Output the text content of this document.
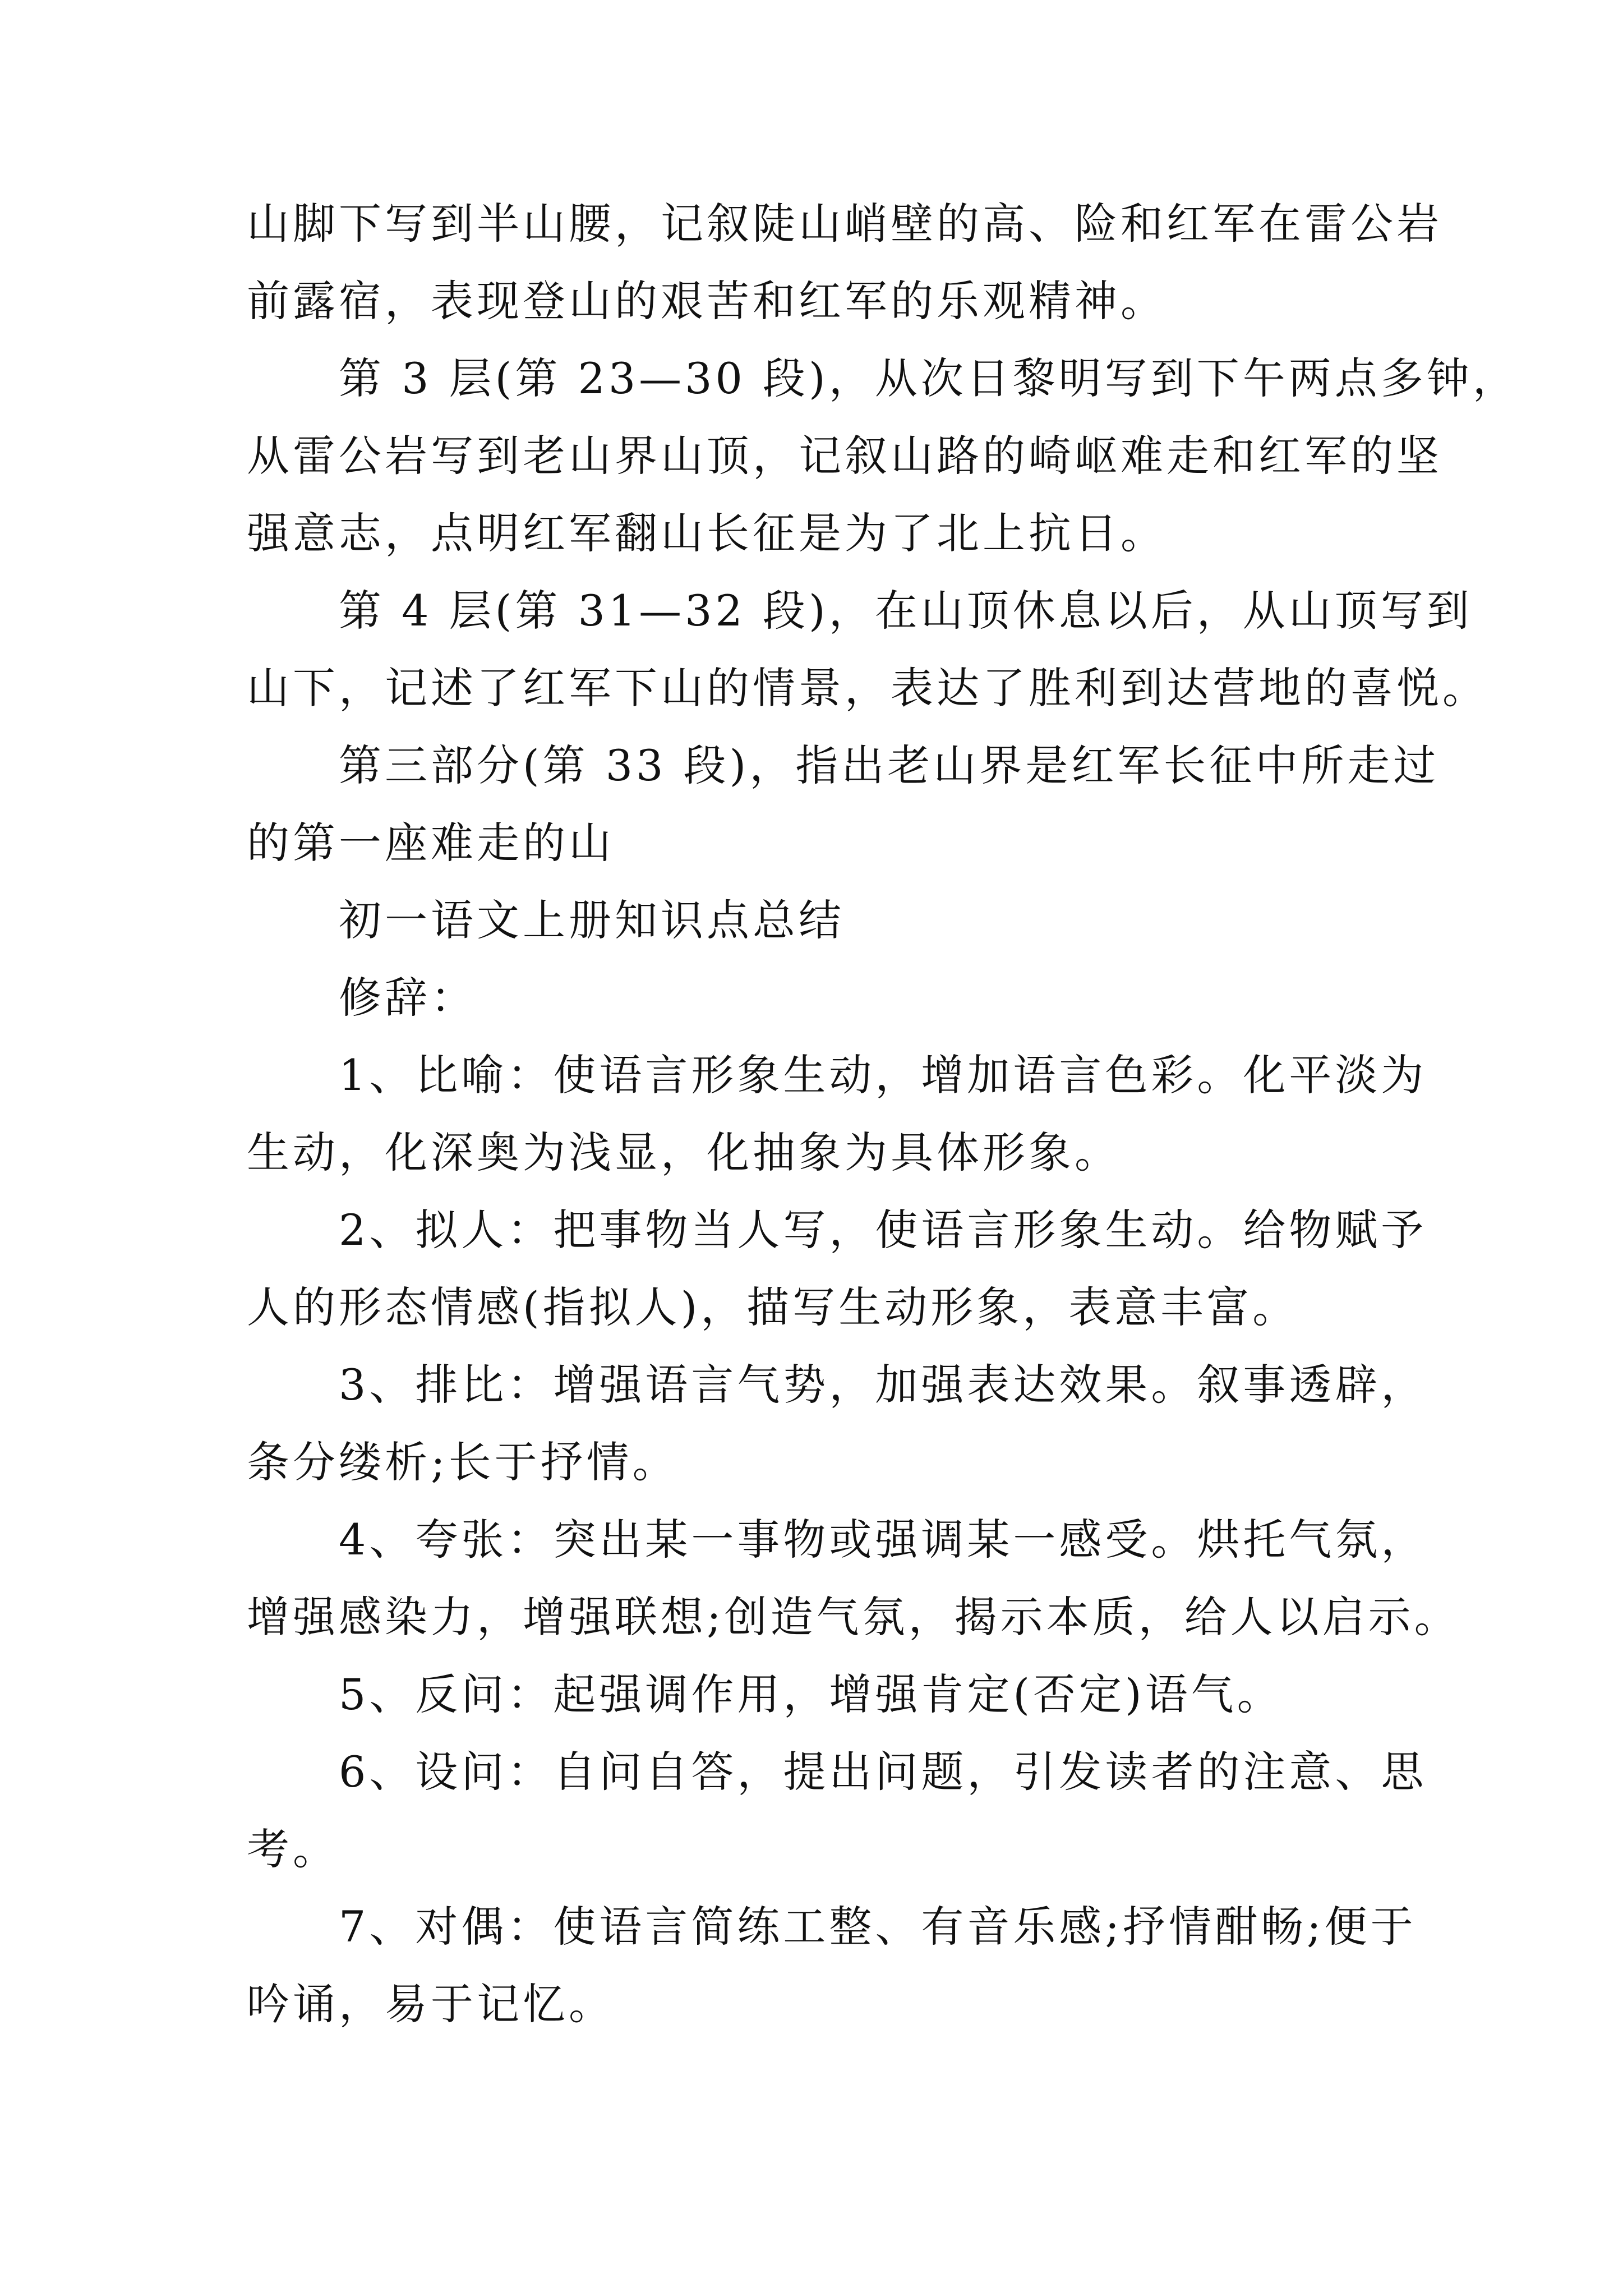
山脚下写到半山腰，记叙陡山峭壁的高、险和红军在雷公岩
前露宿，表现登山的艰苦和红军的乐观精神。
第 3 层(第 23—30 段)，从次日黎明写到下午两点多钟，
从雷公岩写到老山界山顶，记叙山路的崎岖难走和红军的坚
强意志，点明红军翻山长征是为了北上抗日。
第 4 层(第 31—32 段)，在山顶休息以后，从山顶写到
山下，记述了红军下山的情景，表达了胜利到达营地的喜悦。
第三部分(第 33 段)，指出老山界是红军长征中所走过
的第一座难走的山
初一语文上册知识点总结
修辞：
1、比喻：使语言形象生动，增加语言色彩。化平淡为
生动，化深奥为浅显，化抽象为具体形象。
2、拟人：把事物当人写，使语言形象生动。给物赋予
人的形态情感(指拟人)，描写生动形象，表意丰富。
3、排比：增强语言气势，加强表达效果。叙事透辟，
条分缕析;长于抒情。
4、夸张：突出某一事物或强调某一感受。烘托气氛，
增强感染力，增强联想;创造气氛，揭示本质，给人以启示。
5、反问：起强调作用，增强肯定(否定)语气。
6、设问：自问自答，提出问题，引发读者的注意、思
考。
7、对偶：使语言简练工整、有音乐感;抒情酣畅;便于
吟诵，易于记忆。
